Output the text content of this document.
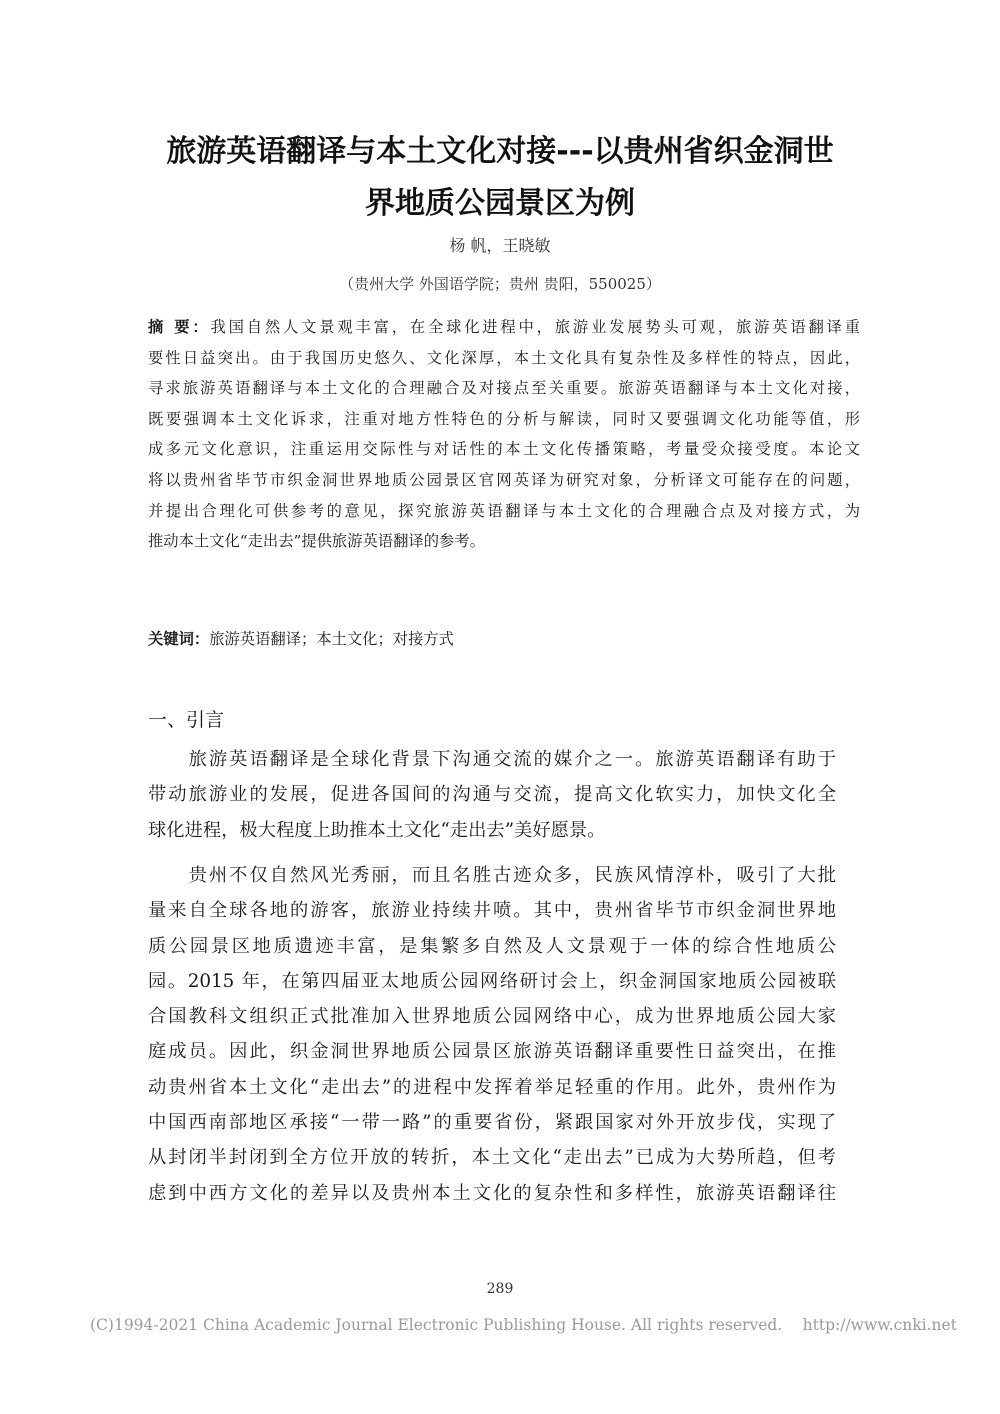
旅游英语翻译与本土文化对接---以贵州省织金洞世
界地质公园景区为例
杨 帆，王晓敏
（贵州大学 外国语学院；贵州 贵阳，550025）
摘 要：我国自然人文景观丰富，在全球化进程中，旅游业发展势头可观，旅游英语翻译重
要性日益突出。由于我国历史悠久、文化深厚，本土文化具有复杂性及多样性的特点，因此，
寻求旅游英语翻译与本土文化的合理融合及对接点至关重要。旅游英语翻译与本土文化对接，
既要强调本土文化诉求，注重对地方性特色的分析与解读，同时又要强调文化功能等值，形
成多元文化意识，注重运用交际性与对话性的本土文化传播策略，考量受众接受度。本论文
将以贵州省毕节市织金洞世界地质公园景区官网英译为研究对象，分析译文可能存在的问题，
并提出合理化可供参考的意见，探究旅游英语翻译与本土文化的合理融合点及对接方式，为
推动本土文化“走出去”提供旅游英语翻译的参考。
关键词：旅游英语翻译；本土文化；对接方式
一、引言
　　旅游英语翻译是全球化背景下沟通交流的媒介之一。旅游英语翻译有助于
带动旅游业的发展，促进各国间的沟通与交流，提高文化软实力，加快文化全
球化进程，极大程度上助推本土文化“走出去”美好愿景。
　　贵州不仅自然风光秀丽，而且名胜古迹众多，民族风情淳朴，吸引了大批
量来自全球各地的游客，旅游业持续井喷。其中，贵州省毕节市织金洞世界地
质公园景区地质遗迹丰富，是集繁多自然及人文景观于一体的综合性地质公
园。2015 年，在第四届亚太地质公园网络研讨会上，织金洞国家地质公园被联
合国教科文组织正式批准加入世界地质公园网络中心，成为世界地质公园大家
庭成员。因此，织金洞世界地质公园景区旅游英语翻译重要性日益突出，在推
动贵州省本土文化“走出去”的进程中发挥着举足轻重的作用。此外，贵州作为
中国西南部地区承接“一带一路”的重要省份，紧跟国家对外开放步伐，实现了
从封闭半封闭到全方位开放的转折，本土文化“走出去”已成为大势所趋，但考
虑到中西方文化的差异以及贵州本土文化的复杂性和多样性，旅游英语翻译往
289
(C)1994-2021 China Academic Journal Electronic Publishing House. All rights reserved.　 http://www.cnki.net
